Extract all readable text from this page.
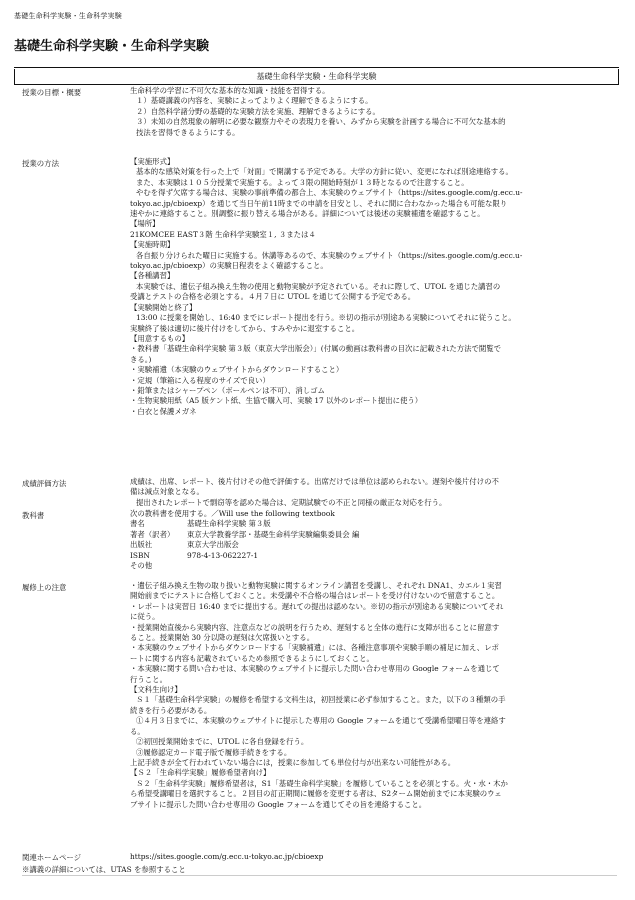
基礎生命科学実験・生命科学実験
基礎生命科学実験・生命科学実験
基礎生命科学実験・生命科学実験
授業の目標・概要	生命科学の学習に不可欠な基本的な知識・技能を習得する。

１）基礎講義の内容を、実験によってよりよく理解できるようにする。

２）自然科学諸分野の基礎的な実験方法を実施、理解できるようにする。

３）未知の自然現象の解明に必要な観察力やその表現力を養い、みずから実験を計画する場合に不可欠な基本的

技法を習得できるようにする。

授業の方法	【実施形式】

基本的な感染対策を行った上で「対面」で開講する予定である。大学の方針に従い、変更になれば別途連絡する。

また、本実験は１０５分授業で実施する。よって３限の開始時刻が１３時となるので注意すること。

やむを得ず欠席する場合は、実験の事前準備の都合上、本実験のウェブサイト（https://sites.google.com/g.ecc.u-

tokyo.ac.jp/cbioexp）を通じて当日午前11時までの申請を目安とし、それに間に合わなかった場合も可能な限り

速やかに連絡すること。別調整に振り替える場合がある。詳細については後述の実験補遺を確認すること。

【場所】

21KOMCEE EAST３階 生命科学実験室１, ３または４

【実施時期】

各自振り分けられた曜日に実施する。休講等あるので、本実験のウェブサイト（https://sites.google.com/g.ecc.u-

tokyo.ac.jp/cbioexp）の実験日程表をよく確認すること。

【各種講習】

本実験では、遺伝子組み換え生物の使用と動物実験が予定されている。それに際して、UTOL を通じた講習の

受講とテストの合格を必須とする。４月７日に UTOL を通じて公開する予定である。

【実験開始と終了】

13:00 に授業を開始し、16:40 までにレポート提出を行う。※切の指示が別途ある実験についてそれに従うこと。

実験終了後は適切に後片付けをしてから、すみやかに退室すること。

【用意するもの】

・教科書「基礎生命科学実験 第３版（東京大学出版会）」(付属の動画は教科書の目次に記載された方法で閲覧で

きる。)

・実験補遺（本実験のウェブサイトからダウンロードすること）

・定規（筆箱に入る程度のサイズで良い）

・鉛筆またはシャープペン（ボールペンは不可）、消しゴム

・生物実験用紙（A5 版ケント紙、生協で購入可、実験 17 以外のレポート提出に使う）

・白衣と保護メガネ

成績評価方法	成績は、出席、レポート、後片付けその他で評価する。出席だけでは単位は認められない。遅刻や後片付けの不

備は減点対象となる。

提出されたレポートで剽窃等を認めた場合は、定期試験での不正と同様の厳正な対応を行う。

教科書	次の教科書を使用する。／Will use the following textbook

書名	基礎生命科学実験 第３版
著者（訳者）	東京大学教養学部・基礎生命科学実験編集委員会 編
出版社	東京大学出版会
ISBN	978-4-13-062227-1

その他

履修上の注意	・遺伝子組み換え生物の取り扱いと動物実験に関するオンライン講習を受講し、それぞれ DNA1、カエル１実習

開始前までにテストに合格しておくこと。未受講や不合格の場合はレポートを受け付けないので留意すること。

・レポートは実習日 16:40 までに提出する。遅れての提出は認めない。※切の指示が別途ある実験についてそれ

に従う。

・授業開始直後から実験内容、注意点などの説明を行うため、遅刻すると全体の進行に支障が出ることに留意す

ること。授業開始 30 分以降の遅刻は欠席扱いとする。

・本実験のウェブサイトからダウンロードする「実験補遺」には、各種注意事項や実験手順の補足に加え、レポ

ートに関する内容も記載されているため参照できるようにしておくこと。

・本実験に関する問い合わせは、本実験のウェブサイトに提示した問い合わせ専用の Google フォームを通じて

行うこと。

【文科生向け】

Ｓ１「基礎生命科学実験」の履修を希望する文科生は，初回授業に必ず参加すること。また，以下の３種類の手

続きを行う必要がある。

①４月３日までに、本実験のウェブサイトに提示した専用の Google フォームを通じて受講希望曜日等を連絡す

る。

②初回授業開始までに、UTOL に各自登録を行う。

③履修認定カード電子版で履修手続きをする。

上記手続きが全て行われていない場合には，授業に参加しても単位付与が出来ない可能性がある。

【Ｓ２「生命科学実験」履修希望者向け】

Ｓ２「生命科学実験」履修希望者は，S1「基礎生命科学実験」を履修していることを必須とする。火・水・木か

ら希望受講曜日を選択すること。２回目の訂正期間に履修を変更する者は、S2ターム開始前までに本実験のウェ

ブサイトに提示した問い合わせ専用の Google フォームを通じてその旨を連絡すること。

関連ホームページ	https://sites.google.com/g.ecc.u-tokyo.ac.jp/cbioexp
※講義の詳細については、UTAS を参照すること
